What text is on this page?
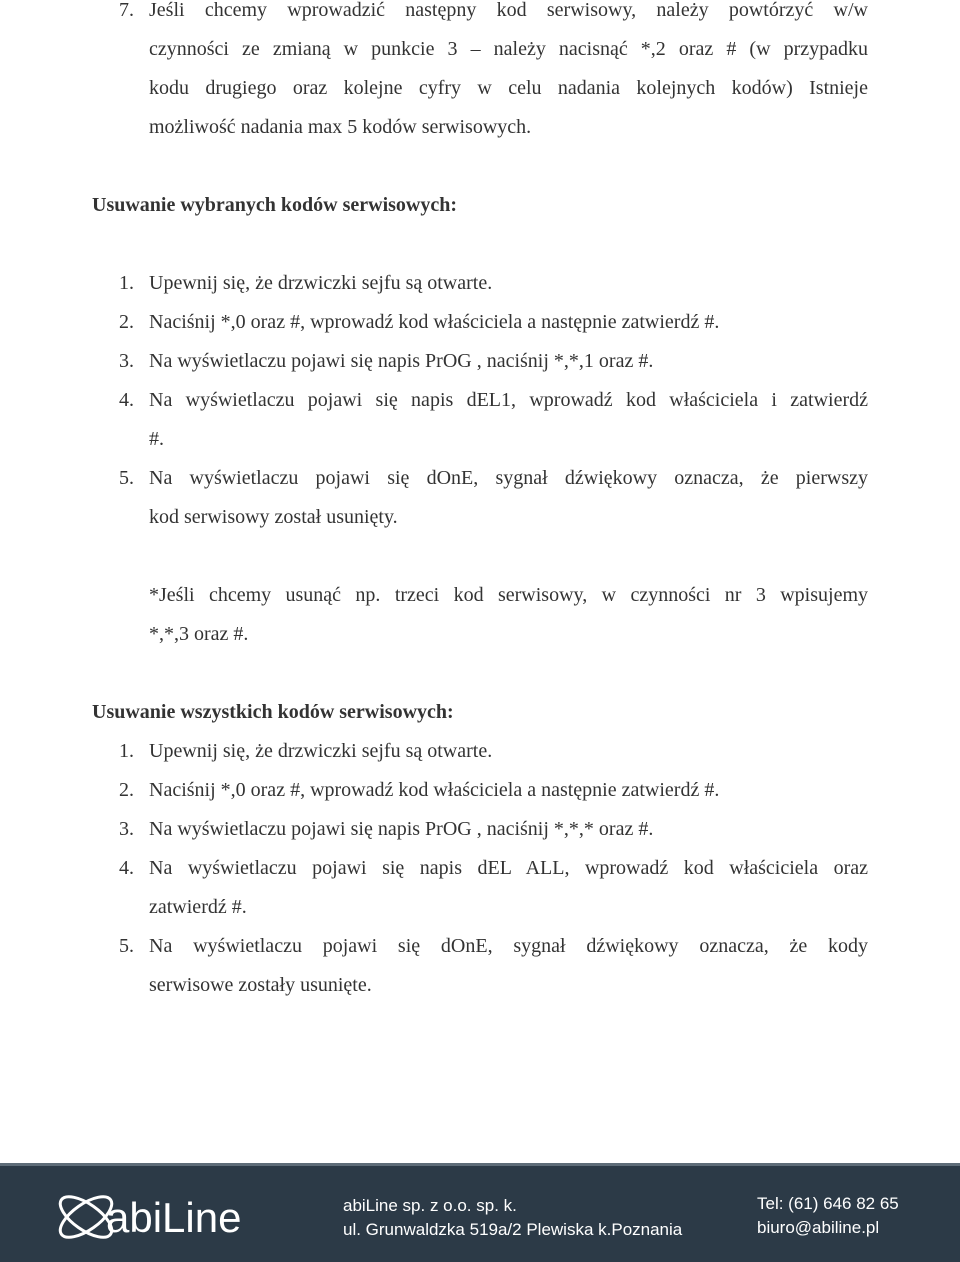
7. Jeśli chcemy wprowadzić następny kod serwisowy, należy powtórzyć w/w
czynności ze zmianą w punkcie 3 – należy nacisnąć *,2 oraz # (w przypadku
kodu drugiego oraz kolejne cyfry w celu nadania kolejnych kodów) Istnieje
możliwość nadania max 5 kodów serwisowych.
Usuwanie wybranych kodów serwisowych:
1. Upewnij się, że drzwiczki sejfu są otwarte.
2. Naciśnij *,0 oraz #, wprowadź kod właściciela a następnie zatwierdź #.
3. Na wyświetlaczu pojawi się napis PrOG , naciśnij *,*,1 oraz #.
4. Na wyświetlaczu pojawi się napis dEL1, wprowadź kod właściciela i zatwierdź
#.
5. Na wyświetlaczu pojawi się dOnE, sygnał dźwiękowy oznacza, że pierwszy
kod serwisowy został usunięty.
*Jeśli chcemy usunąć np. trzeci kod serwisowy, w czynności nr 3 wpisujemy
*,*,3 oraz #.
Usuwanie wszystkich kodów serwisowych:
1. Upewnij się, że drzwiczki sejfu są otwarte.
2. Naciśnij *,0 oraz #, wprowadź kod właściciela a następnie zatwierdź #.
3. Na wyświetlaczu pojawi się napis PrOG , naciśnij *,*,* oraz #.
4. Na wyświetlaczu pojawi się napis dEL ALL, wprowadź kod właściciela oraz
zatwierdź #.
5. Na wyświetlaczu pojawi się dOnE, sygnał dźwiękowy oznacza, że kody
serwisowe zostały usunięte.
abiLine	abiLine sp. z o.o. sp. k.
ul. Grunwaldzka 519a/2 Plewiska k.Poznania
Tel: (61) 646 82 65
biuro@abiline.pl
